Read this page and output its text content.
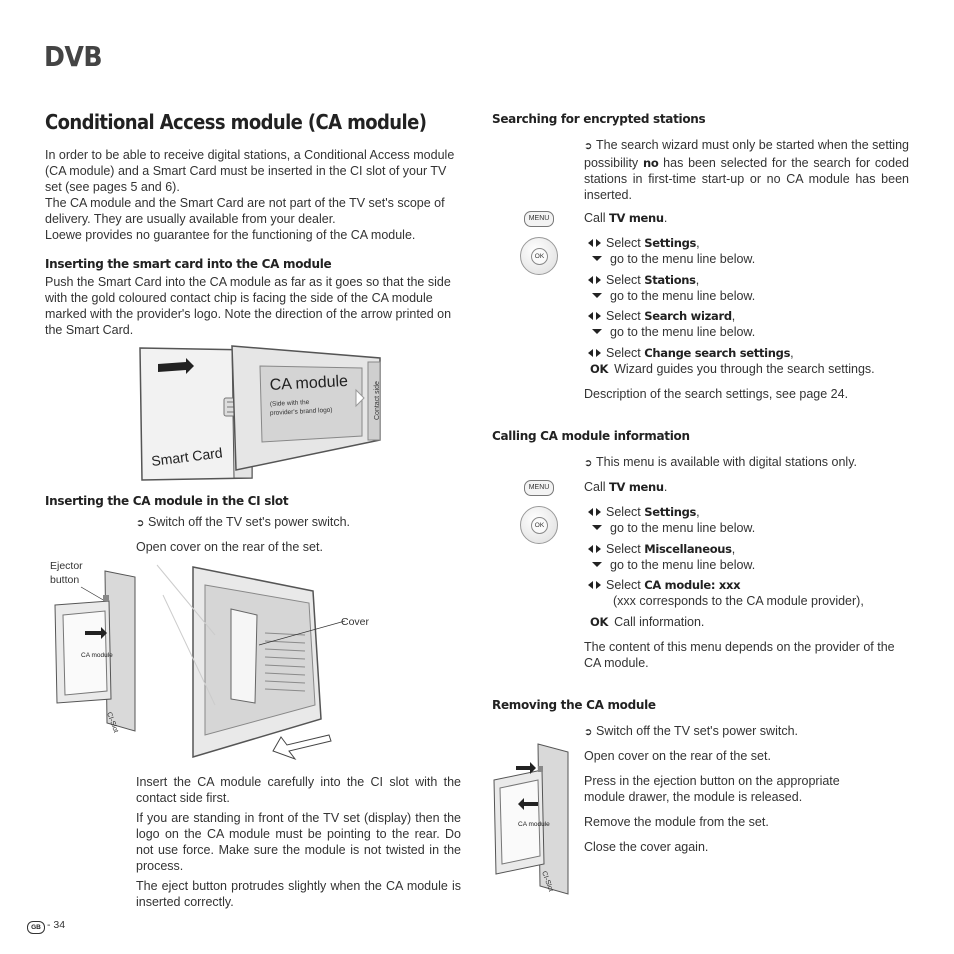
DVB
Conditional Access module (CA module)

In order to be able to receive digital stations, a Conditional Access module (CA module) and a Smart Card must be inserted in the CI slot of your TV set (see pages 5 and 6).

The CA module and the Smart Card are not part of the TV set's scope of delivery. They are usually available from your dealer.

Loewe provides no guarantee for the functioning of the CA module.

Inserting the smart card into the CA module

Push the Smart Card into the CA module as far as it goes so that the side with the gold coloured contact chip is facing the side of the CA module marked with the provider's logo. Note the direction of the arrow printed on the Smart Card.

Smart Card
CA module
(Side with the
provider's brand logo)	Contact side
Inserting the CA module in the CI slot
➲ Switch off the TV set's power switch.
Open cover on the rear of the set.
Ejector
button
CA module
CI-Slot
Cover

Insert the CA module carefully into the CI slot with the contact side first.

If you are standing in front of the TV set (display) then the logo on the CA module must be pointing to the rear. Do not use force. Make sure the module is not twisted in the process.

The eject button protrudes slightly when the CA module is inserted correctly.

Searching for encrypted stations
➲ The search wizard must only be started when the setting possibility no has been selected for the search for coded stations in first-time start-up or no CA module has been inserted.
MENU	Call TV menu.
OK
Select Settings,
go to the menu line below.
Select Stations,
go to the menu line below.
Select Search wizard,
go to the menu line below.
Select Change search settings,
OK Wizard guides you through the search settings.
Description of the search settings, see page 24.
Calling CA module information
➲ This menu is available with digital stations only.
MENU	Call TV menu.
OK
Select Settings,
go to the menu line below.
Select Miscellaneous,
go to the menu line below.
Select CA module: xxx
(xxx corresponds to the CA module provider),
OK Call information.

The content of this menu depends on the provider of the CA module.

Removing the CA module
➲ Switch off the TV set's power switch.
Open cover on the rear of the set.

Press in the ejection button on the appropriate module drawer, the module is released.

Remove the module from the set.
Close the cover again.
CA module
CI-Slot
GB - 34
